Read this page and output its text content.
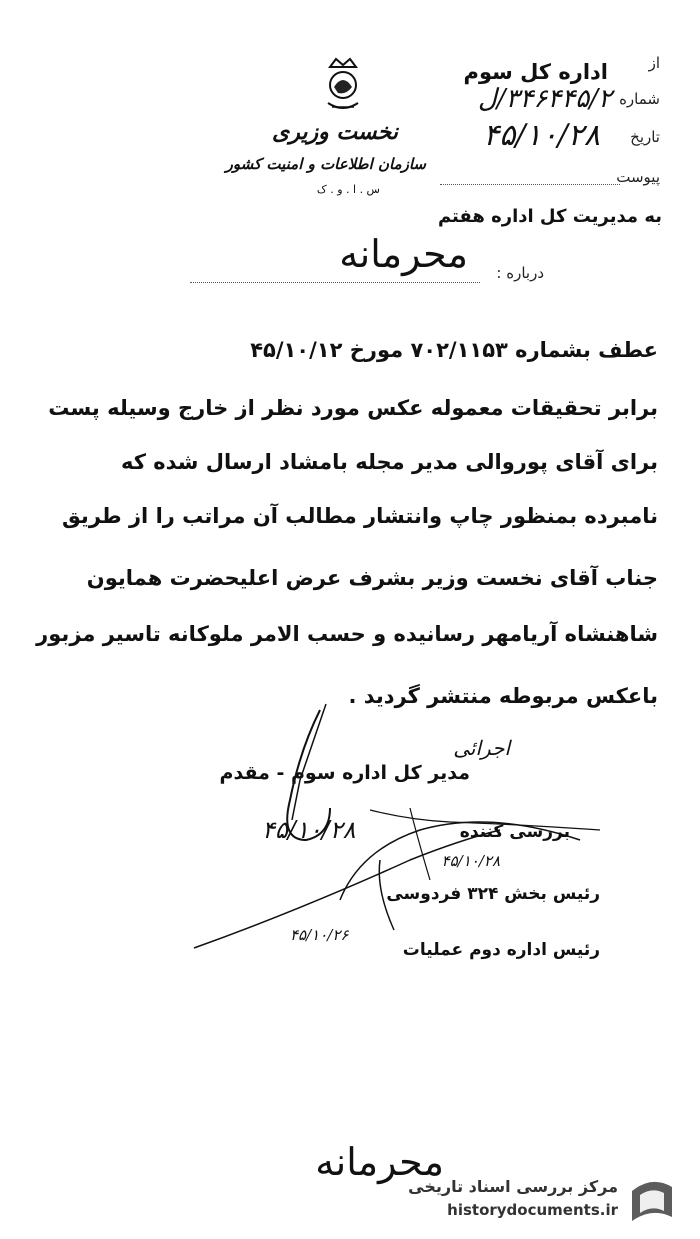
نخست وزیری
سازمان اطلاعات و امنیت کشور
س . ا . و . ک
از
اداره کل سوم
شماره
۳۴۶۴۴۵/۲/ل
تاریخ
۴۵/۱۰/۲۸
پیوست
به مدیریت کل اداره هفتم
درباره :
محرمانه
عطف بشماره ۷۰۲/۱۱۵۳ مورخ ۴۵/۱۰/۱۲
برابر تحقیقات معموله عکس مورد نظر از خارج وسیله پست
برای آقای پوروالی مدیر مجله بامشاد ارسال شده که
نامبرده بمنظور چاپ وانتشار مطالب آن مراتب را از طریق
جناب آقای نخست وزیر بشرف عرض اعلیحضرت همایون
شاهنشاه آریامهر رسانیده و حسب الامر ملوکانه تاسیر مزبور
باعکس مربوطه منتشر گردید .
اجرائی
مدیر کل اداره سوم - مقدم
بررسی کننده
۴۵/۱۰/۲۸
رئیس بخش ۳۲۴ فردوسی
رئیس اداره دوم عملیات
۴۵/۱۰/۲۸
۴۵/۱۰/۲۶
محرمانه
مرکز بررسی اسناد تاریخی
historydocuments.ir
